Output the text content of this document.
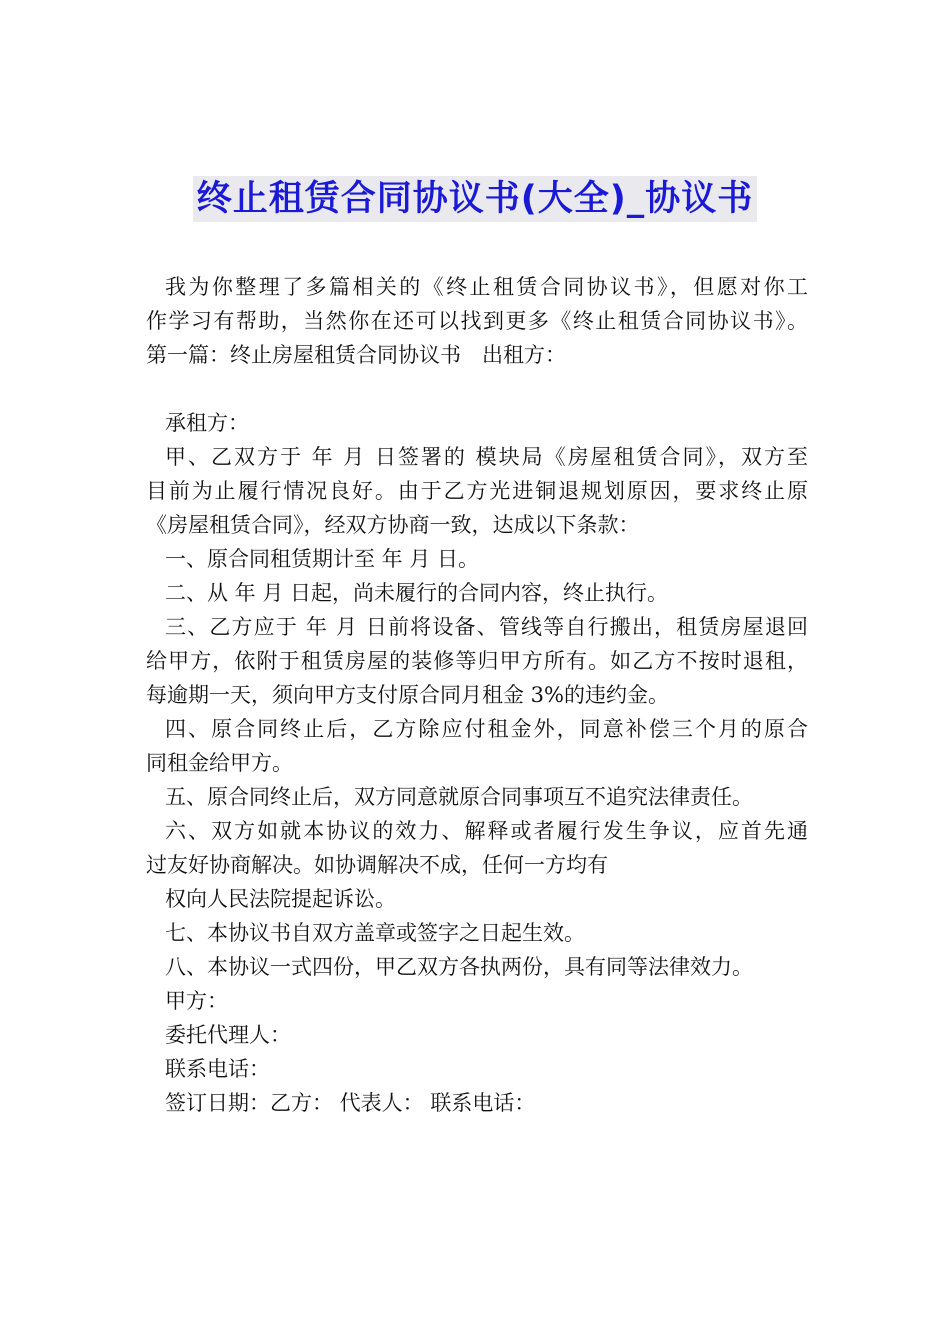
终止租赁合同协议书(大全)_协议书
我为你整理了多篇相关的《终止租赁合同协议书》，但愿对你工
作学习有帮助，当然你在还可以找到更多《终止租赁合同协议书》。
第一篇：终止房屋租赁合同协议书　出租方：
承租方：
甲、乙双方于 年 月 日签署的 模块局《房屋租赁合同》，双方至
目前为止履行情况良好。由于乙方光进铜退规划原因，要求终止原
《房屋租赁合同》，经双方协商一致，达成以下条款：
一、原合同租赁期计至 年 月 日。
二、从 年 月 日起，尚未履行的合同内容，终止执行。
三、乙方应于 年 月 日前将设备、管线等自行搬出，租赁房屋退回
给甲方，依附于租赁房屋的装修等归甲方所有。如乙方不按时退租，
每逾期一天，须向甲方支付原合同月租金 3%的违约金。
四、原合同终止后，乙方除应付租金外，同意补偿三个月的原合
同租金给甲方。
五、原合同终止后，双方同意就原合同事项互不追究法律责任。
六、双方如就本协议的效力、解释或者履行发生争议，应首先通
过友好协商解决。如协调解决不成，任何一方均有
权向人民法院提起诉讼。
七、本协议书自双方盖章或签字之日起生效。
八、本协议一式四份，甲乙双方各执两份，具有同等法律效力。
甲方：
委托代理人：
联系电话：
签订日期：乙方： 代表人： 联系电话：
